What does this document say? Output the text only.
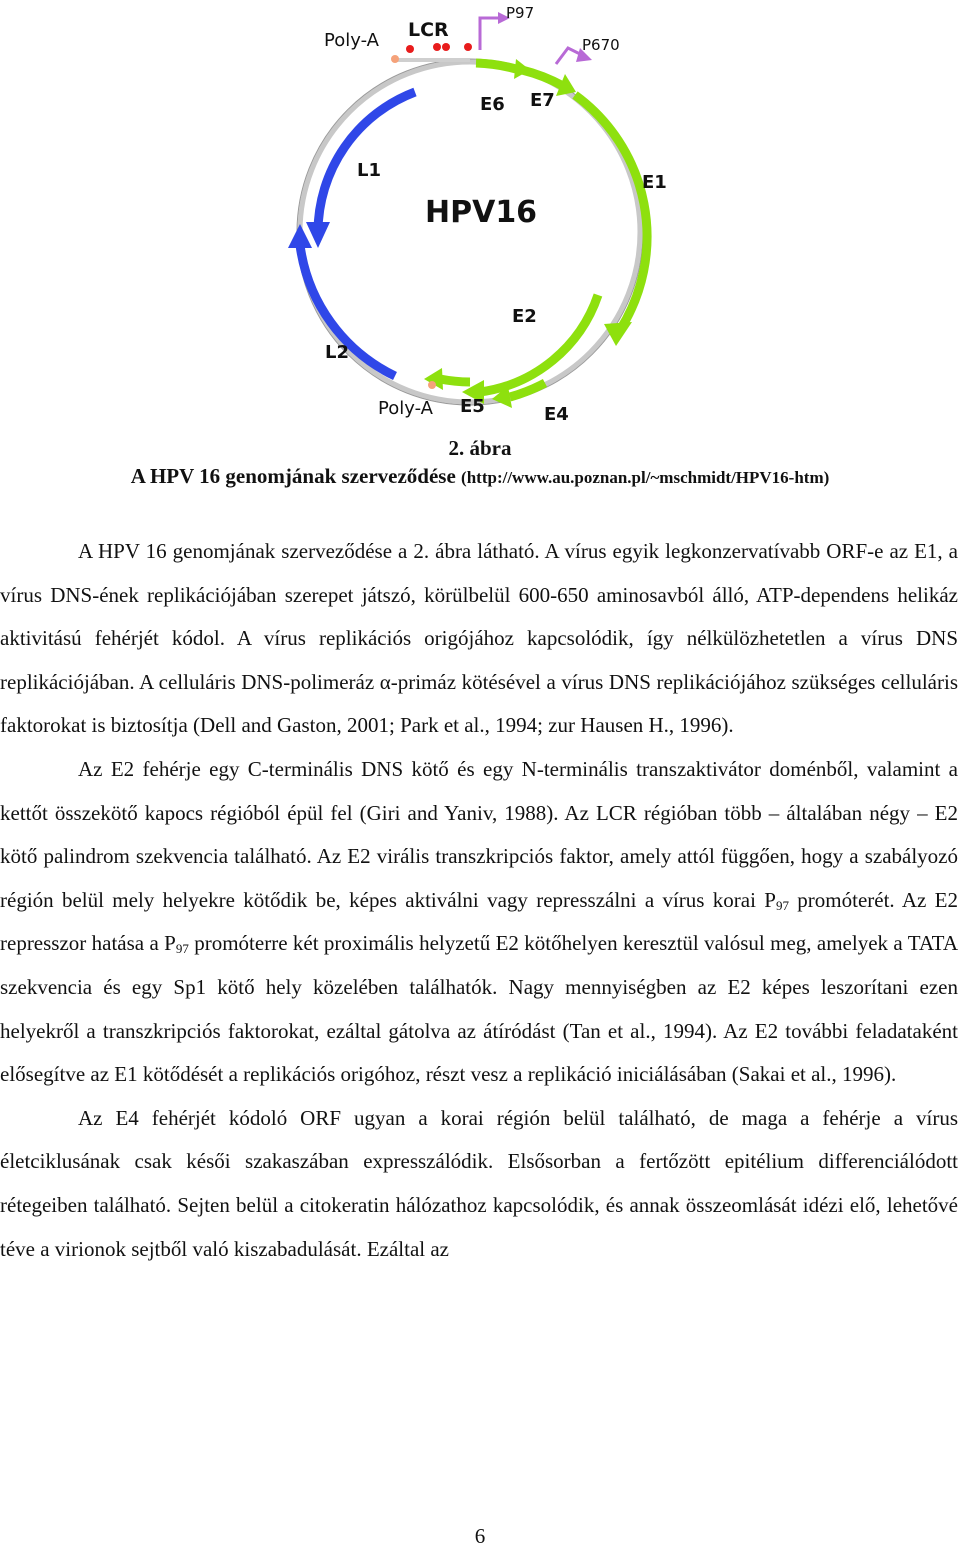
HPV16
LCR
Poly-A
P97
P670
E6 E7
E1
E2
E4
E5
Poly-A
L1
L2
2. ábra
A HPV 16 genomjának szerveződése (http://www.au.poznan.pl/~mschmidt/HPV16-htm)

A HPV 16 genomjának szerveződése a 2. ábra látható. A vírus egyik legkonzervatívabb ORF-e az E1, a vírus DNS-ének replikációjában szerepet játszó, körülbelül 600-650 aminosavból álló, ATP-dependens helikáz aktivitású fehérjét kódol. A vírus replikációs origójához kapcsolódik, így nélkülözhetetlen a vírus DNS replikációjában. A celluláris DNS-polimeráz α-primáz kötésével a vírus DNS replikációjához szükséges celluláris faktorokat is biztosítja (Dell and Gaston, 2001; Park et al., 1994; zur Hausen H., 1996).

Az E2 fehérje egy C-terminális DNS kötő és egy N-terminális transzaktivátor doménből, valamint a kettőt összekötő kapocs régióból épül fel (Giri and Yaniv, 1988). Az LCR régióban több – általában négy – E2 kötő palindrom szekvencia található. Az E2 virális transzkripciós faktor, amely attól függően, hogy a szabályozó régión belül mely helyekre kötődik be, képes aktiválni vagy represszálni a vírus korai $P_{97}$ promóterét. Az E2 represszor hatása a $P_{97}$ promóterre két proximális helyzetű E2 kötőhelyen keresztül valósul meg, amelyek a TATA szekvencia és egy Sp1 kötő hely közelében találhatók. Nagy mennyiségben az E2 képes leszorítani ezen helyekről a transzkripciós faktorokat, ezáltal gátolva az átíródást (Tan et al., 1994). Az E2 további feladataként elősegítve az E1 kötődését a replikációs origóhoz, részt vesz a replikáció iniciálásában (Sakai et al., 1996).

Az E4 fehérjét kódoló ORF ugyan a korai régión belül található, de maga a fehérje a vírus életciklusának csak késői szakaszában expresszálódik. Elsősorban a fertőzött epitélium differenciálódott rétegeiben található. Sejten belül a citokeratin hálózathoz kapcsolódik, és annak összeomlását idézi elő, lehetővé téve a virionok sejtből való kiszabadulását. Ezáltal az

6
